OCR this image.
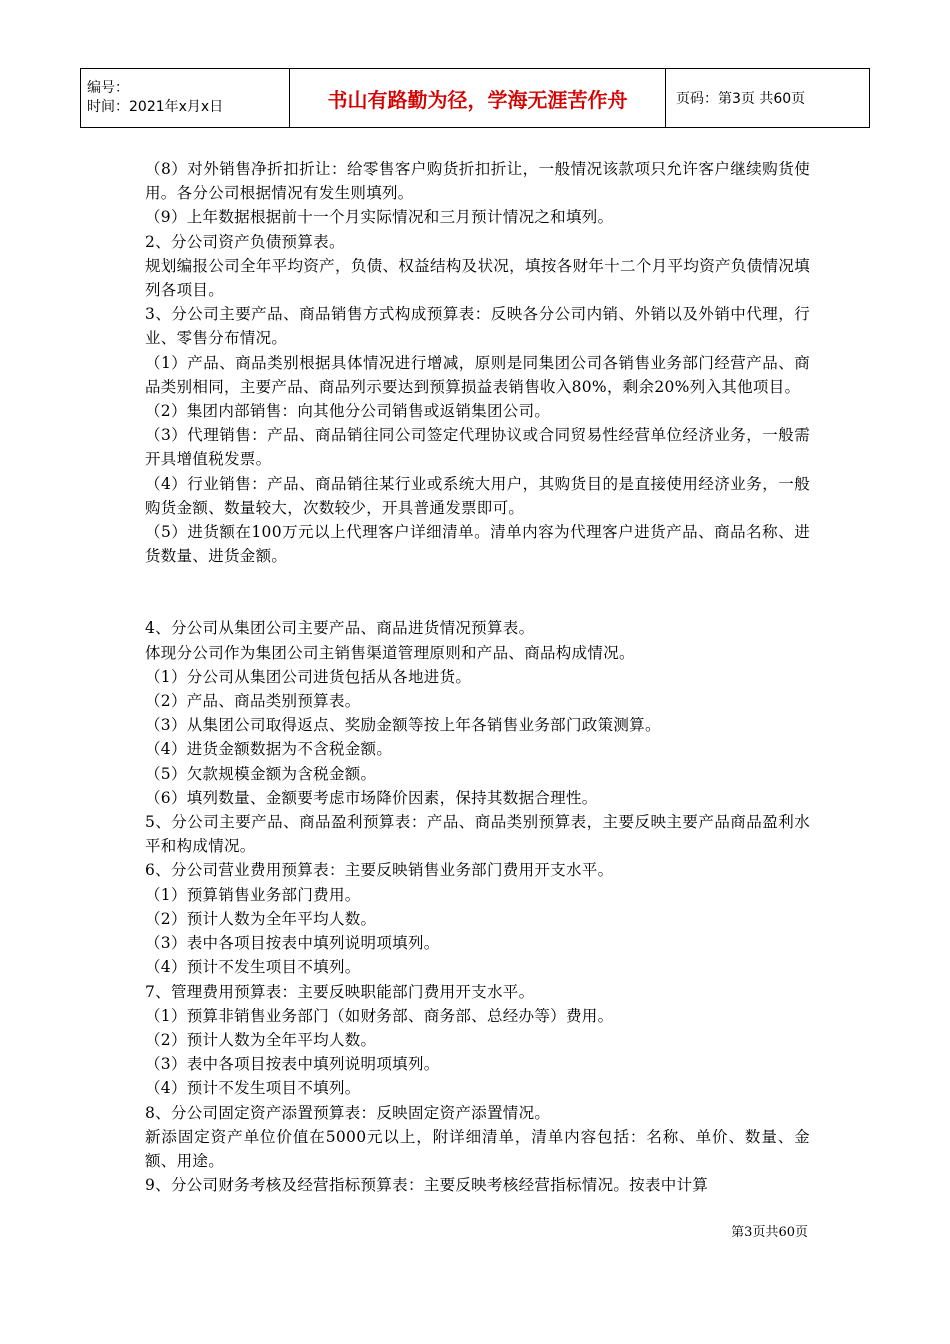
编号：
时间：2021年x月x日	书山有路勤为径，学海无涯苦作舟	页码：第3页 共60页

（8）对外销售净折扣折让：给零售客户购货折扣折让，一般情况该款项只允许客户继续购货使用。各分公司根据情况有发生则填列。

（9）上年数据根据前十一个月实际情况和三月预计情况之和填列。

2、分公司资产负债预算表。

规划编报公司全年平均资产，负债、权益结构及状况，填按各财年十二个月平均资产负债情况填列各项目。

3、分公司主要产品、商品销售方式构成预算表：反映各分公司内销、外销以及外销中代理，行业、零售分布情况。

（1）产品、商品类别根据具体情况进行增减，原则是同集团公司各销售业务部门经营产品、商品类别相同，主要产品、商品列示要达到预算损益表销售收入80%，剩余20%列入其他项目。

（2）集团内部销售：向其他分公司销售或返销集团公司。

（3）代理销售：产品、商品销往同公司签定代理协议或合同贸易性经营单位经济业务，一般需开具增值税发票。

（4）行业销售：产品、商品销往某行业或系统大用户，其购货目的是直接使用经济业务，一般购货金额、数量较大，次数较少，开具普通发票即可。

（5）进货额在100万元以上代理客户详细清单。清单内容为代理客户进货产品、商品名称、进货数量、进货金额。

4、分公司从集团公司主要产品、商品进货情况预算表。

体现分公司作为集团公司主销售渠道管理原则和产品、商品构成情况。

（1）分公司从集团公司进货包括从各地进货。

（2）产品、商品类别预算表。

（3）从集团公司取得返点、奖励金额等按上年各销售业务部门政策测算。

（4）进货金额数据为不含税金额。

（5）欠款规模金额为含税金额。

（6）填列数量、金额要考虑市场降价因素，保持其数据合理性。

5、分公司主要产品、商品盈利预算表：产品、商品类别预算表，主要反映主要产品商品盈利水平和构成情况。

6、分公司营业费用预算表：主要反映销售业务部门费用开支水平。

（1）预算销售业务部门费用。

（2）预计人数为全年平均人数。

（3）表中各项目按表中填列说明项填列。

（4）预计不发生项目不填列。

7、管理费用预算表：主要反映职能部门费用开支水平。

（1）预算非销售业务部门（如财务部、商务部、总经办等）费用。

（2）预计人数为全年平均人数。

（3）表中各项目按表中填列说明项填列。

（4）预计不发生项目不填列。

8、分公司固定资产添置预算表：反映固定资产添置情况。

新添固定资产单位价值在5000元以上，附详细清单，清单内容包括：名称、单价、数量、金额、用途。

9、分公司财务考核及经营指标预算表：主要反映考核经营指标情况。按表中计算

第3页共60页
